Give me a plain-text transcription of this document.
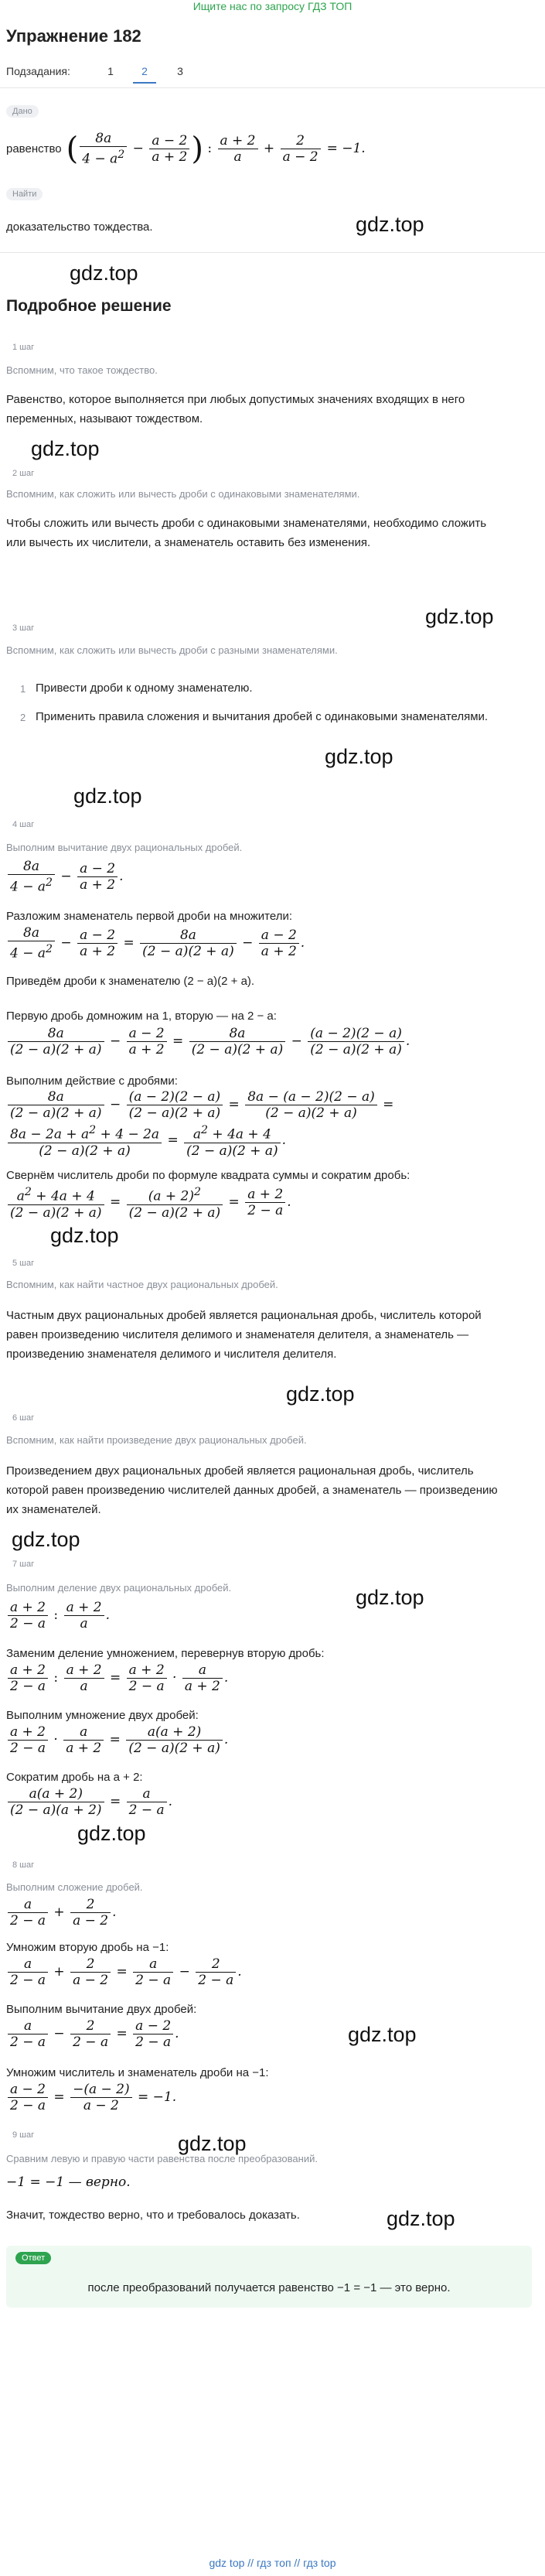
Ищите нас по запросу ГДЗ ТОП
Упражнение 182
Подзадания:	1	2	3
Дано
равенство ( $\frac{8a}{4 - a^2} - \frac{a - 2}{a + 2}$ ) : $\frac{a + 2}{a} + \frac{2}{a - 2} = -1$.
Найти
доказательство тождества.	gdz.top
gdz.top
Подробное решение
1 шаг
Вспомним, что такое тождество.
Равенство, которое выполняется при любых допустимых значениях входящих в него переменных, называют тождеством.
gdz.top
2 шаг
Вспомним, как сложить или вычесть дроби с одинаковыми знаменателями.
Чтобы сложить или вычесть дроби с одинаковыми знаменателями, необходимо сложить или вычесть их числители, а знаменатель оставить без изменения.
gdz.top
3 шаг
Вспомним, как сложить или вычесть дроби с разными знаменателями.
1 Привести дроби к одному знаменателю.
2 Применить правила сложения и вычитания дробей с одинаковыми знаменателями.
gdz.top
gdz.top
4 шаг
Выполним вычитание двух рациональных дробей.
$\frac{8a}{4 - a^2} - \frac{a - 2}{a + 2}$ .
Разложим знаменатель первой дроби на множители:
$\frac{8a}{4 - a^2} - \frac{a - 2}{a + 2} = \frac{8a}{(2 - a)(2 + a)} - \frac{a - 2}{a + 2}$ .
Приведём дроби к знаменателю (2 − a)(2 + a).
Первую дробь домножим на 1, вторую — на 2 − a:
$\frac{8a}{(2 - a)(2 + a)} - \frac{a - 2}{a + 2} = \frac{8a}{(2 - a)(2 + a)} - \frac{(a - 2)(2 - a)}{(2 - a)(2 + a)}$ .
Выполним действие с дробями:
$\frac{8a}{(2 - a)(2 + a)} - \frac{(a - 2)(2 - a)}{(2 - a)(2 + a)} = \frac{8a - (a - 2)(2 - a)}{(2 - a)(2 + a)}$ =
$\frac{8a - 2a + a^2 + 4 - 2a}{(2 - a)(2 + a)} = \frac{a^2 + 4a + 4}{(2 - a)(2 + a)}$ .
Свернём числитель дроби по формуле квадрата суммы и сократим дробь:
$\frac{a^2 + 4a + 4}{(2 - a)(2 + a)} = \frac{(a + 2)^2}{(2 - a)(2 + a)} = \frac{a + 2}{2 - a}$ .
gdz.top
5 шаг
Вспомним, как найти частное двух рациональных дробей.
Частным двух рациональных дробей является рациональная дробь, числитель которой равен произведению числителя делимого и знаменателя делителя, а знаменатель — произведению знаменателя делимого и числителя делителя.
gdz.top
6 шаг
Вспомним, как найти произведение двух рациональных дробей.
Произведением двух рациональных дробей является рациональная дробь, числитель которой равен произведению числителей данных дробей, а знаменатель — произведению их знаменателей.
gdz.top
7 шаг
Выполним деление двух рациональных дробей.	gdz.top
$\frac{a + 2}{2 - a}$ : $\frac{a + 2}{a}$ .
Заменим деление умножением, перевернув вторую дробь:
$\frac{a + 2}{2 - a}$ : $\frac{a + 2}{a} = \frac{a + 2}{2 - a} \cdot \frac{a}{a + 2}$ .
Выполним умножение двух дробей:
$\frac{a + 2}{2 - a} \cdot \frac{a}{a + 2} = \frac{a(a + 2)}{(2 - a)(2 + a)}$ .
Сократим дробь на a + 2:
$\frac{a(a + 2)}{(2 - a)(a + 2)} = \frac{a}{2 - a}$ .
gdz.top
8 шаг
Выполним сложение дробей.
$\frac{a}{2 - a} + \frac{2}{a - 2}$ .
Умножим вторую дробь на −1:
$\frac{a}{2 - a} + \frac{2}{a - 2} = \frac{a}{2 - a} - \frac{2}{2 - a}$ .
Выполним вычитание двух дробей:
$\frac{a}{2 - a} - \frac{2}{2 - a} = \frac{a - 2}{2 - a}$ .	gdz.top
Умножим числитель и знаменатель дроби на −1:
$\frac{a - 2}{2 - a} = \frac{-(a - 2)}{a - 2} = -1$.
9 шаг	gdz.top
Сравним левую и правую части равенства после преобразований.
−1 = −1 — верно.
Значит, тождество верно, что и требовалось доказать.	gdz.top
Ответ
после преобразований получается равенство −1 = −1 — это верно.
gdz top // гдз топ // гдз top
